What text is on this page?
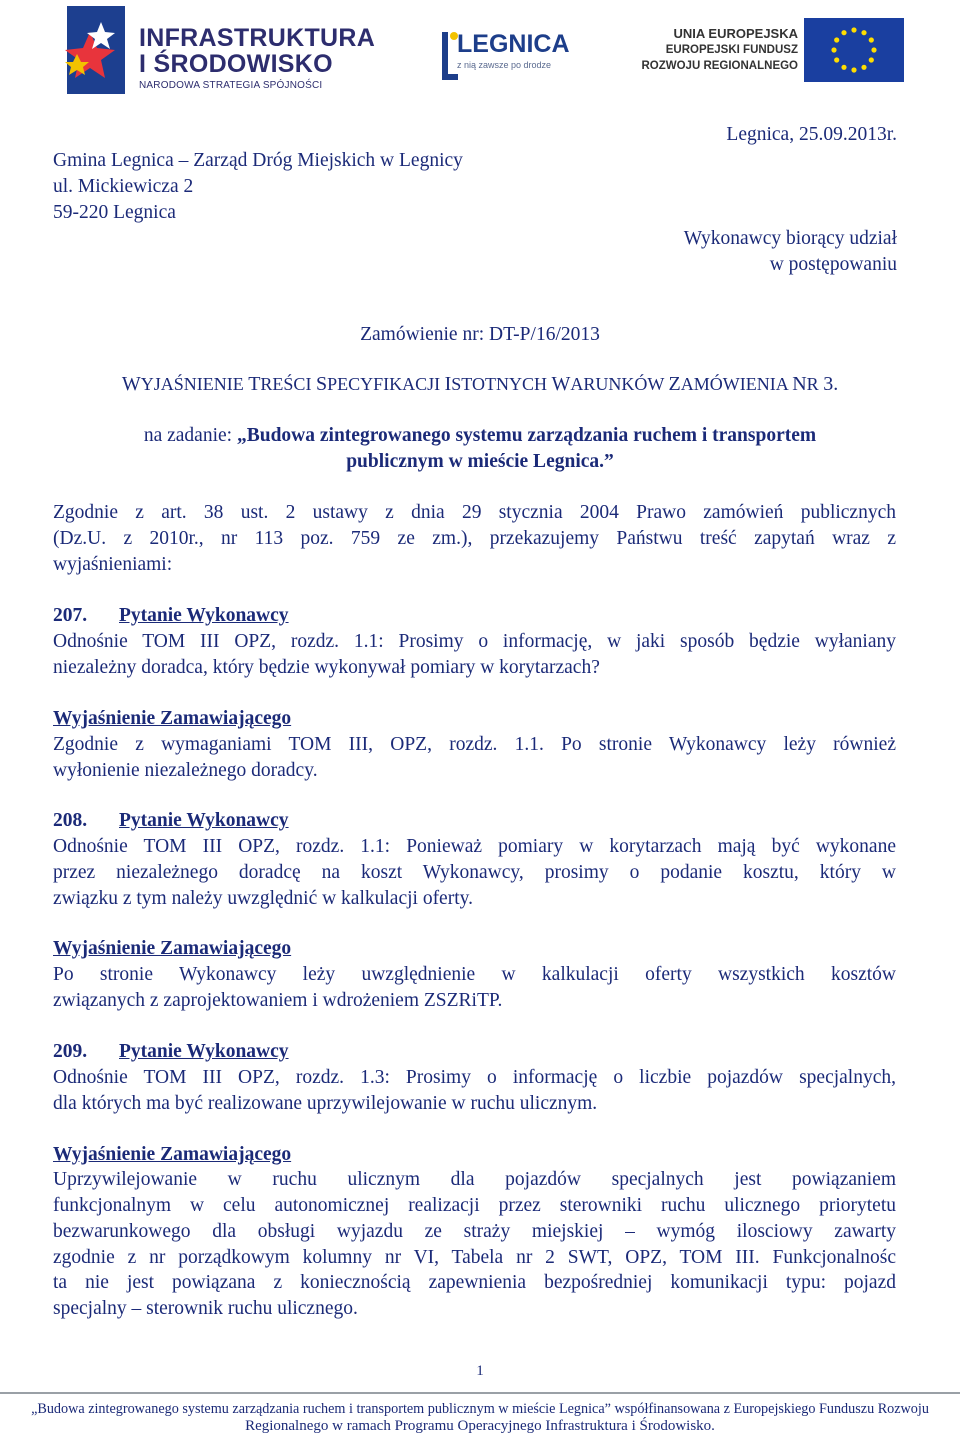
INFRASTRUKTURA
I ŚRODOWISKO
NARODOWA STRATEGIA SPÓJNOŚCI
LEGNICA
z nią zawsze po drodze
UNIA EUROPEJSKA
EUROPEJSKI FUNDUSZ
ROZWOJU REGIONALNEGO
Gmina Legnica – Zarząd Dróg Miejskich w Legnicy
ul. Mickiewicza 2
59-220 Legnica
Legnica, 25.09.2013r.
Wykonawcy biorący udział
w postępowaniu
Zamówienie nr: DT-P/16/2013
WYJAŚNIENIE TREŚCI SPECYFIKACJI ISTOTNYCH WARUNKÓW ZAMÓWIENIA NR 3.
na zadanie: „Budowa zintegrowanego systemu zarządzania ruchem i transportem
publicznym w mieście Legnica.”
Zgodnie z art. 38 ust. 2 ustawy z dnia 29 stycznia 2004 Prawo zamówień publicznych
(Dz.U. z 2010r., nr 113 poz. 759 ze zm.), przekazujemy Państwu treść zapytań wraz z
wyjaśnieniami:
207. Pytanie Wykonawcy
Odnośnie TOM III OPZ, rozdz. 1.1: Prosimy o informację, w jaki sposób będzie wyłaniany
niezależny doradca, który będzie wykonywał pomiary w korytarzach?
Wyjaśnienie Zamawiającego
Zgodnie z wymaganiami TOM III, OPZ, rozdz. 1.1. Po stronie Wykonawcy leży również
wyłonienie niezależnego doradcy.
208. Pytanie Wykonawcy
Odnośnie TOM III OPZ, rozdz. 1.1: Ponieważ pomiary w korytarzach mają być wykonane
przez niezależnego doradcę na koszt Wykonawcy, prosimy o podanie kosztu, który w
związku z tym należy uwzględnić w kalkulacji oferty.
Wyjaśnienie Zamawiającego
Po stronie Wykonawcy leży uwzględnienie w kalkulacji oferty wszystkich kosztów
związanych z zaprojektowaniem i wdrożeniem ZSZRiTP.
209. Pytanie Wykonawcy
Odnośnie TOM III OPZ, rozdz. 1.3: Prosimy o informację o liczbie pojazdów specjalnych,
dla których ma być realizowane uprzywilejowanie w ruchu ulicznym.
Wyjaśnienie Zamawiającego
Uprzywilejowanie w ruchu ulicznym dla pojazdów specjalnych jest powiązaniem
funkcjonalnym w celu autonomicznej realizacji przez sterowniki ruchu ulicznego priorytetu
bezwarunkowego dla obsługi wyjazdu ze straży miejskiej – wymóg ilosciowy zawarty
zgodnie z nr porządkowym kolumny nr VI, Tabela nr 2 SWT, OPZ, TOM III. Funkcjonalnośc
ta nie jest powiązana z koniecznością zapewnienia bezpośredniej komunikacji typu: pojazd
specjalny – sterownik ruchu ulicznego.
1
„Budowa zintegrowanego systemu zarządzania ruchem i transportem publicznym w mieście Legnica” współfinansowana z Europejskiego Funduszu Rozwoju
Regionalnego w ramach Programu Operacyjnego Infrastruktura i Środowisko.
